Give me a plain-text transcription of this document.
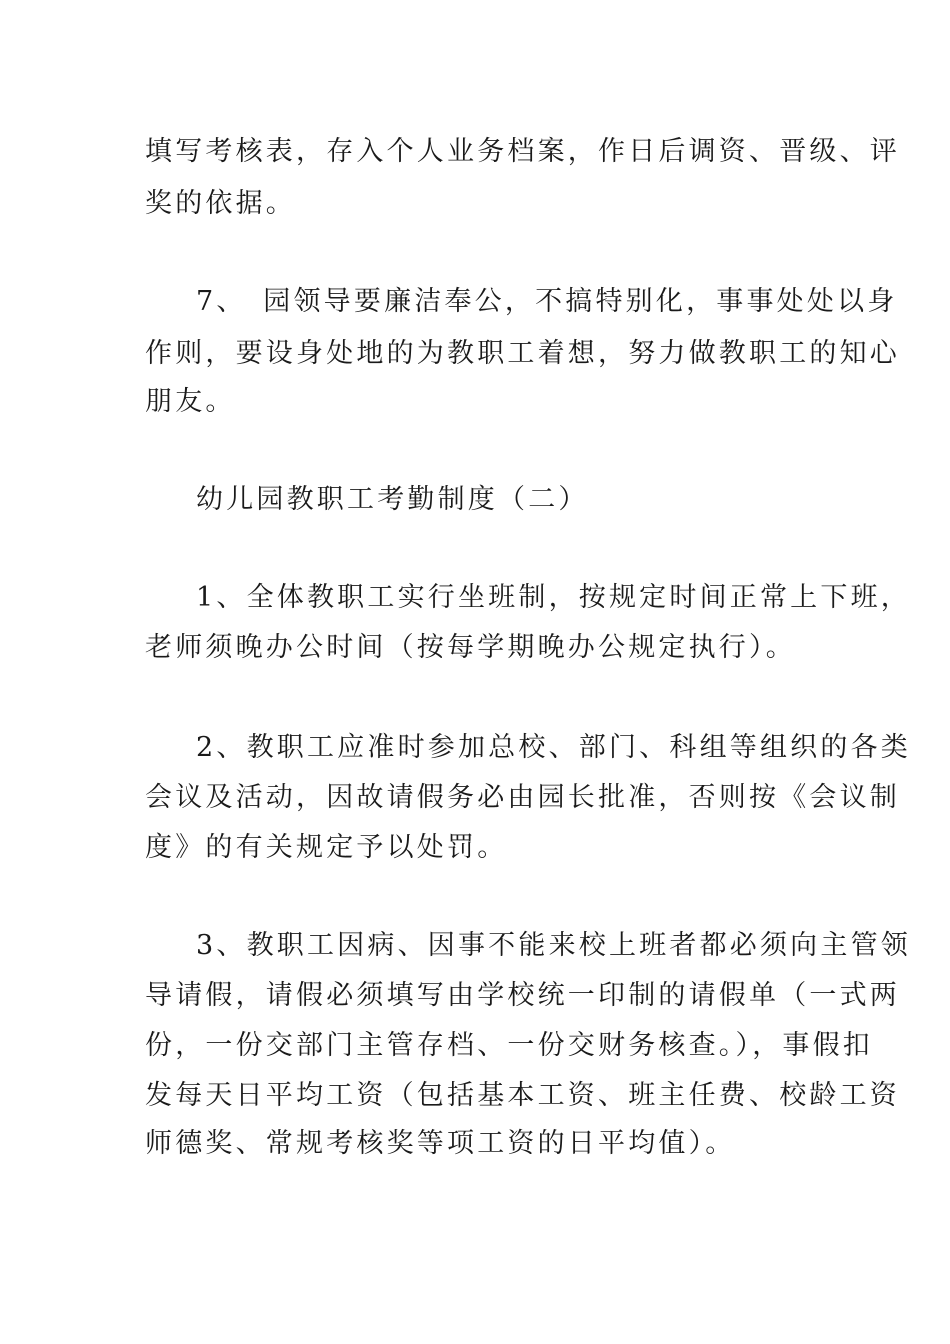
填写考核表，存入个人业务档案，作日后调资、晋级、评
奖的依据。
7、　园领导要廉洁奉公，不搞特别化，事事处处以身
作则，要设身处地的为教职工着想，努力做教职工的知心
朋友。
幼儿园教职工考勤制度（二）
1、全体教职工实行坐班制，按规定时间正常上下班，
老师须晚办公时间（按每学期晚办公规定执行）。
2、教职工应准时参加总校、部门、科组等组织的各类
会议及活动，因故请假务必由园长批准，否则按《会议制
度》的有关规定予以处罚。
3、教职工因病、因事不能来校上班者都必须向主管领
导请假，请假必须填写由学校统一印制的请假单（一式两
份，一份交部门主管存档、一份交财务核查。），事假扣
发每天日平均工资（包括基本工资、班主任费、校龄工资
师德奖、常规考核奖等项工资的日平均值）。
